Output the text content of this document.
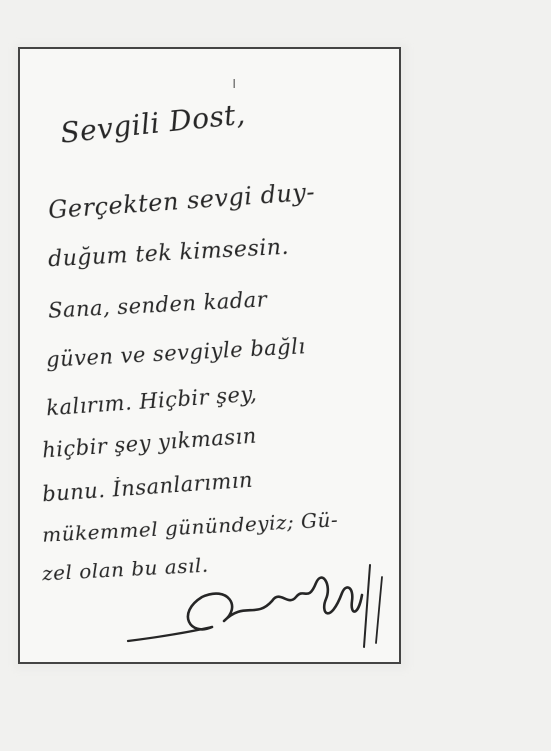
ı
Sevgili Dost,
Gerçekten sevgi duy-
duğum tek kimsesin.
Sana, senden kadar
güven ve sevgiyle bağlı
kalırım. Hiçbir şey,
hiçbir şey yıkmasın
bunu. İnsanlarımın
mükemmel günündeyiz; Gü-
zel olan bu asıl.
